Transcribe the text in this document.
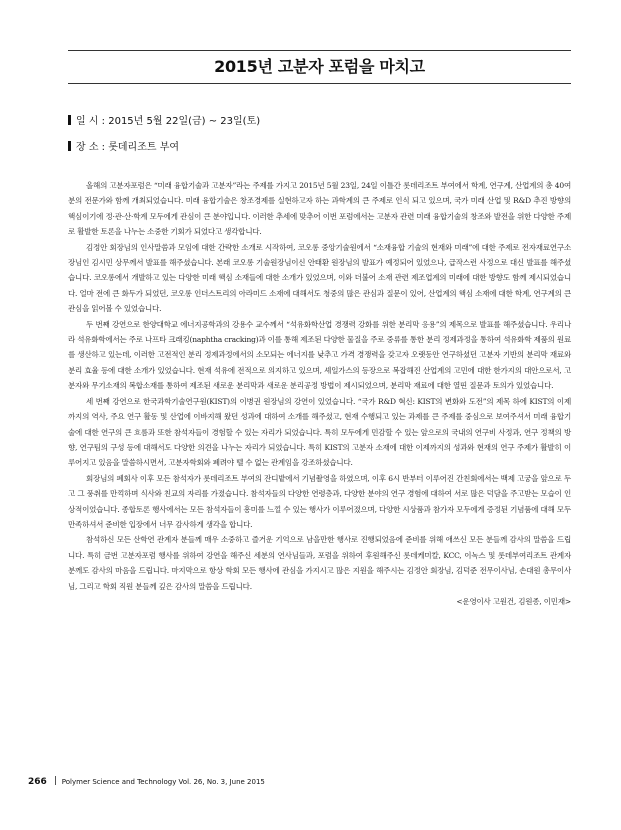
2015년 고분자 포럼을 마치고
일 시 : 2015년 5월 22일(금) ~ 23일(토)
장 소 : 롯데리조트 부여

올해의 고분자포럼은 “미래 융합기술과 고분자”라는 주제를 가지고 2015년 5월 23일, 24일 이틀간 롯데리조트 부여에서 학계, 연구계, 산업계의 총 40여 분의 전문가와 함께 개최되었습니다. 미래 융합기술은 창조경제를 실현하고자 하는 과학계의 큰 주제로 인식 되고 있으며, 국가 미래 산업 및 R&D 추진 방향의 핵심이기에 정·관·산·학계 모두에게 관심이 큰 분야입니다. 이러한 추세에 맞추어 이번 포럼에서는 고분자 관련 미래 융합기술의 창조와 발전을 위한 다양한 주제로 활발한 토론을 나누는 소중한 기회가 되었다고 생각합니다.

김정안 회장님의 인사말씀과 모임에 대한 간략한 소개로 시작하여, 코오롱 중앙기술원에서 “소재융합 기술의 현재와 미래”에 대한 주제로 전자재료연구소장님인 김시민 상무께서 발표를 해주셨습니다. 본래 코오롱 기술원장님이신 안태환 원장님의 발표가 예정되어 있었으나, 급작스런 사정으로 대신 발표를 해주셨습니다. 코오롱에서 개발하고 있는 다양한 미래 핵심 소재들에 대한 소개가 있었으며, 이와 더불어 소재 관련 제조업계의 미래에 대한 방향도 함께 제시되었습니다. 얼마 전에 큰 화두가 되었던, 코오롱 인더스트리의 아라미드 소재에 대해서도 청중의 많은 관심과 질문이 있어, 산업계의 핵심 소재에 대한 학계, 연구계의 큰 관심을 읽어볼 수 있었습니다.

두 번째 강연으로 한양대학교 에너지공학과의 강용수 교수께서 “석유화학산업 경쟁력 강화를 위한 분리막 응용”의 제목으로 발표를 해주셨습니다. 우리나라 석유화학에서는 주로 나프타 크래킹(naphtha cracking)과 이를 통해 제조된 다양한 물질을 주로 중류를 통한 분리 정제과정을 통하여 석유화학 제품의 원료를 생산하고 있는데, 이러한 고전적인 분리 정제과정에서의 소모되는 에너지를 낮추고 가격 경쟁력을 갖고자 오랫동안 연구하셨던 고분자 기반의 분리막 재료와 분리 효율 등에 대한 소개가 있었습니다. 현재 석유에 전적으로 의지하고 있으며, 셰일가스의 등장으로 복잡해진 산업계의 고민에 대한 한가지의 대안으로서, 고분자와 무기소재의 복합소재를 통하여 제조된 새로운 분리막과 새로운 분리공정 방법이 제시되었으며, 분리막 재료에 대한 열띤 질문과 토의가 있었습니다.

세 번째 강연으로 한국과학기술연구원(KIST)의 이병권 원장님의 강연이 있었습니다. “국가 R&D 혁신: KIST의 변화와 도전”의 제목 하에 KIST의 이제까지의 역사, 주요 연구 활동 및 산업에 이바지해 왔던 성과에 대하여 소개를 해주셨고, 현재 수행되고 있는 과제를 큰 주제를 중심으로 보여주셔서 미래 융합기술에 대한 연구의 큰 흐름과 또한 참석자들이 경험할 수 있는 자리가 되었습니다. 특히 모두에게 민감할 수 있는 앞으로의 국내의 연구비 사정과, 연구 정책의 방향, 연구팀의 구성 등에 대해서도 다양한 의견을 나누는 자리가 되었습니다. 특히 KIST의 고분자 소재에 대한 이제까지의 성과와 현재의 연구 주제가 활발히 이루어지고 있음을 말씀하시면서, 고분자학회와 폐려야 뗄 수 없는 관계임을 강조하셨습니다.

회장님의 폐회사 이후 모든 참석자가 롯데리조트 부여의 잔디밭에서 기념촬영을 하였으며, 이후 6시 반부터 이루어진 간친회에서는 백제 고궁을 앞으로 두고 그 풍취를 만끽하며 식사와 친교의 자리를 가졌습니다. 참석자들의 다양한 연령층과, 다양한 분야의 연구 경험에 대하여 서로 많은 덕담을 주고받는 모습이 인상적이었습니다. 종합토론 행사에서는 모든 참석자들이 흥미를 느낄 수 있는 행사가 이루어졌으며, 다양한 시상품과 참가자 모두에게 증정된 기념품에 대해 모두 만족하셔서 준비한 입장에서 너무 감사하게 생각을 합니다.

참석하신 모든 산학연 관계자 분들께 매우 소중하고 즐거운 기억으로 남을만한 행사로 진행되었음에 준비를 위해 애쓰신 모든 분들께 감사의 말씀을 드립니다. 특히 금번 고분자포럼 행사를 위하여 강연을 해주신 세분의 연사님들과, 포럼을 위하여 후원해주신 롯데케미칼, KCC, 이녹스 및 롯데부여리조트 관계자 분께도 감사의 마음을 드립니다. 마지막으로 항상 학회 모든 행사에 관심을 가지시고 많은 지원을 해주시는 김정안 회장님, 김덕준 전무이사님, 손대원 총무이사님, 그리고 학회 직원 분들께 깊은 감사의 말씀을 드립니다.

<운영이사 고원건, 김원종, 이민재>

266 Polymer Science and Technology Vol. 26, No. 3, June 2015
